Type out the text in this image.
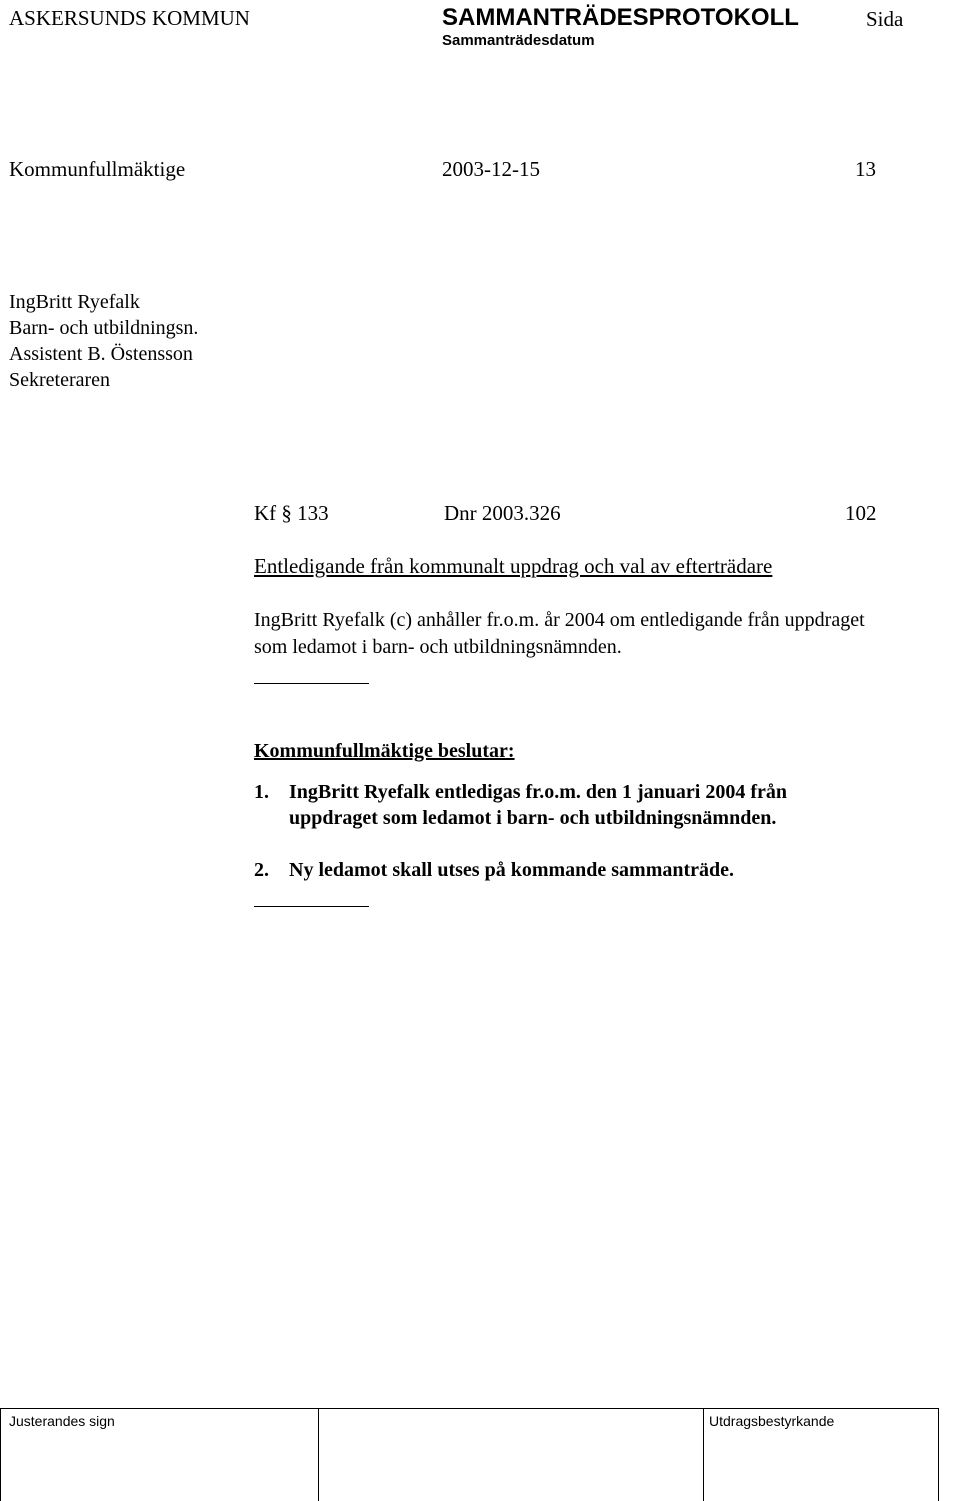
ASKERSUNDS KOMMUN	SAMMANTRÄDESPROTOKOLL	Sida
Sammanträdesdatum
Kommunfullmäktige	2003-12-15	13
IngBritt Ryefalk
Barn- och utbildningsn.
Assistent B. Östensson
Sekreteraren
Kf § 133	Dnr 2003.326	102
Entledigande från kommunalt uppdrag och val av efterträdare
IngBritt Ryefalk (c) anhåller fr.o.m. år 2004 om entledigande från uppdraget
som ledamot i barn- och utbildningsnämnden.
Kommunfullmäktige beslutar:
1. IngBritt Ryefalk entledigas fr.o.m. den 1 januari 2004 från
uppdraget som ledamot i barn- och utbildningsnämnden.
2. Ny ledamot skall utses på kommande sammanträde.
Justerandes sign	Utdragsbestyrkande
